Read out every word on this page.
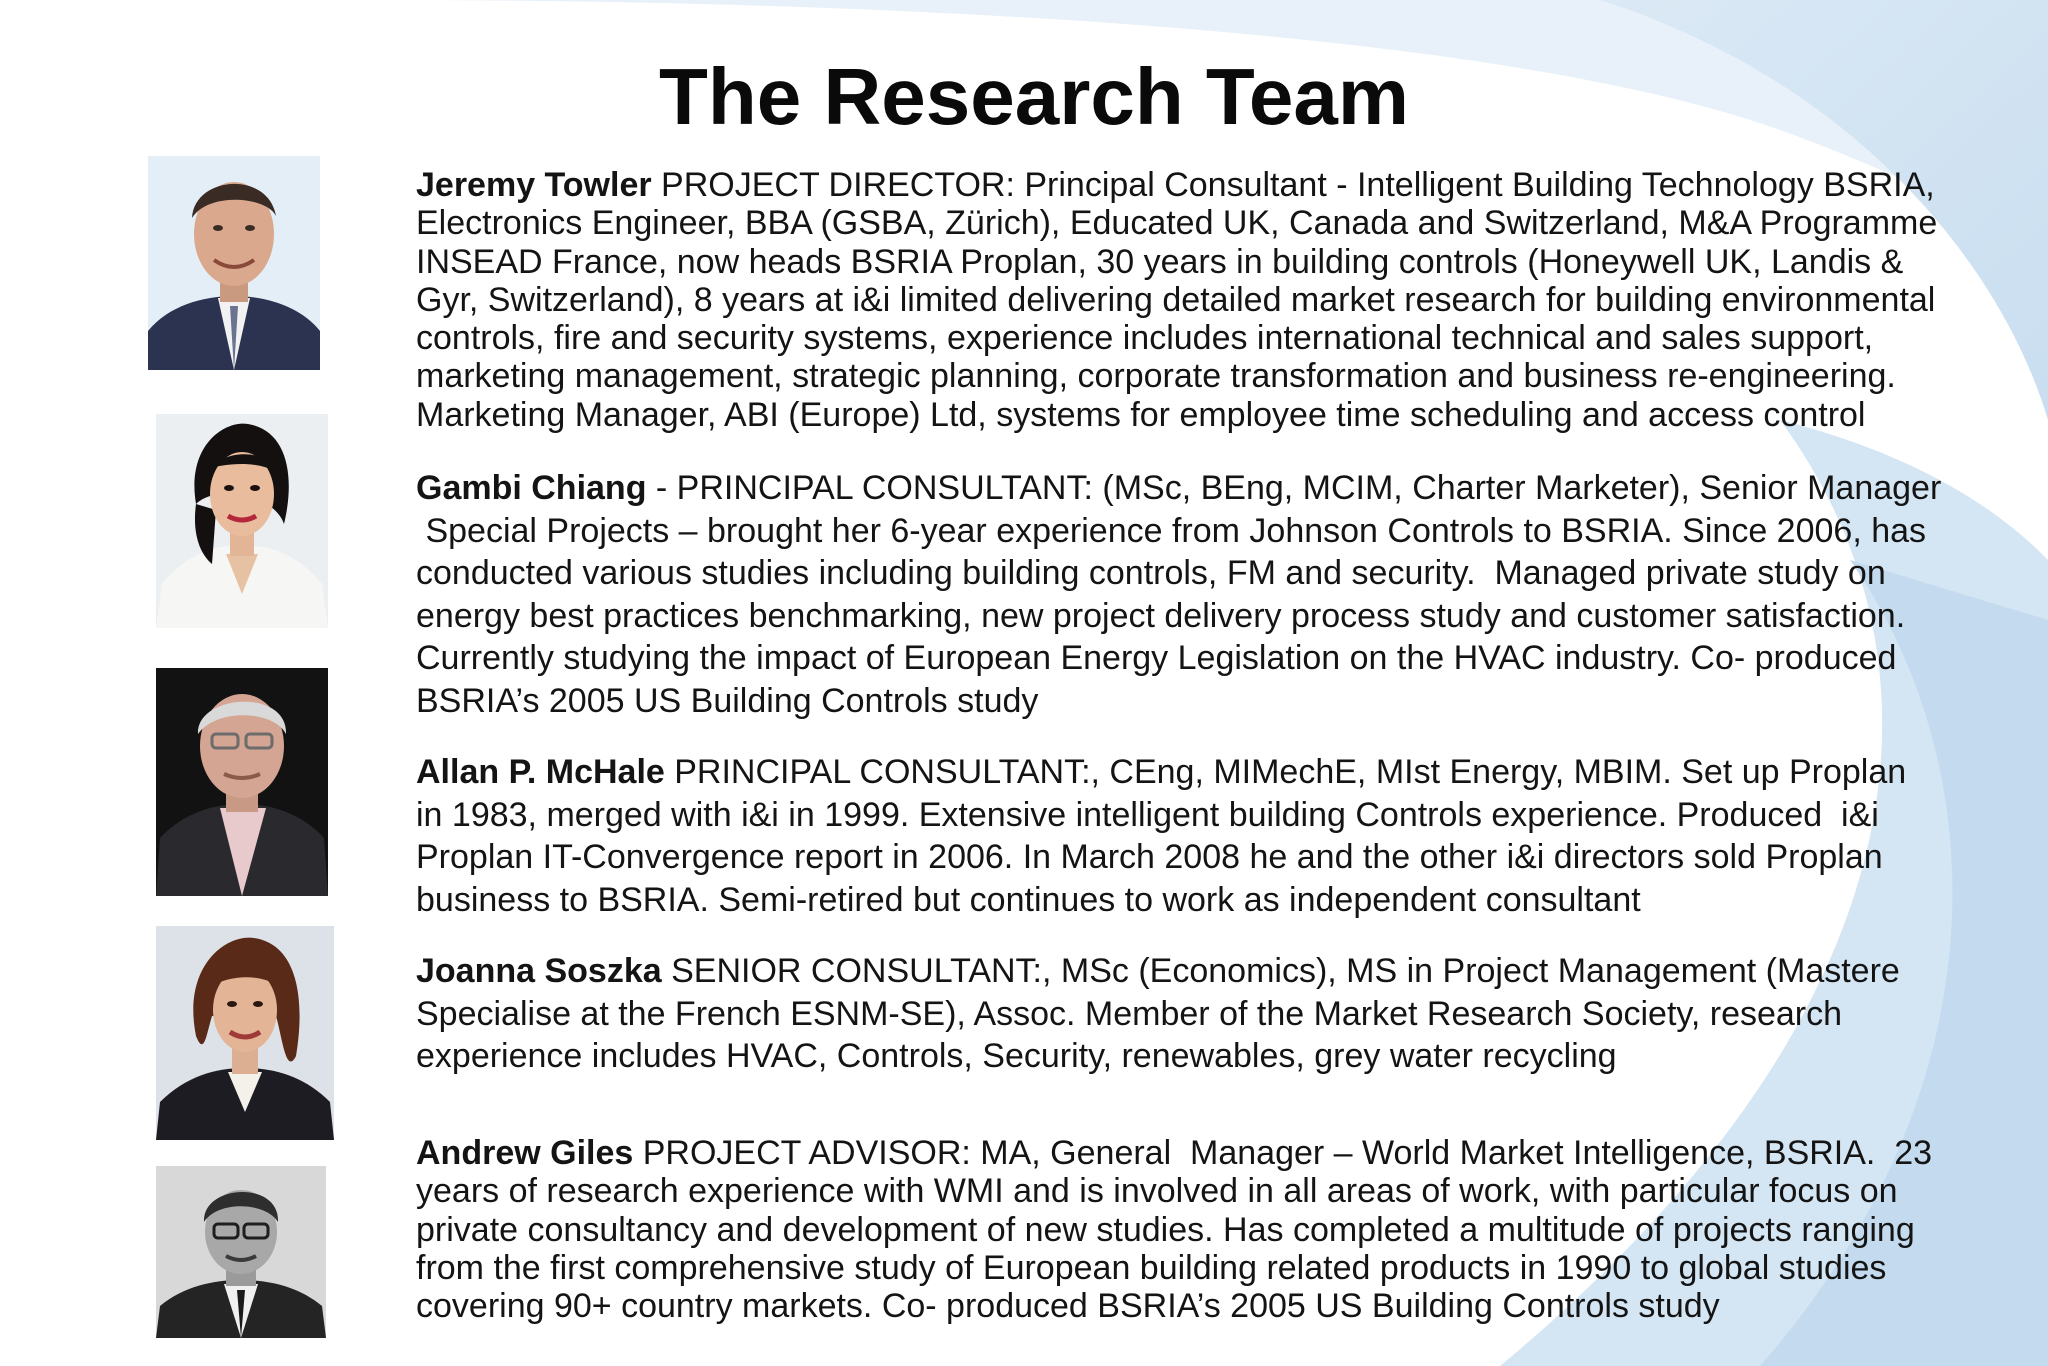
The Research Team
Jeremy Towler PROJECT DIRECTOR: Principal Consultant - Intelligent Building Technology BSRIA,
Electronics Engineer, BBA (GSBA, Zürich), Educated UK, Canada and Switzerland, M&A Programme
INSEAD France, now heads BSRIA Proplan, 30 years in building controls (Honeywell UK, Landis &
Gyr, Switzerland), 8 years at i&i limited delivering detailed market research for building environmental
controls, fire and security systems, experience includes international technical and sales support,
marketing management, strategic planning, corporate transformation and business re-engineering.
Marketing Manager, ABI (Europe) Ltd, systems for employee time scheduling and access control
Gambi Chiang - PRINCIPAL CONSULTANT: (MSc, BEng, MCIM, Charter Marketer), Senior Manager
Special Projects – brought her 6-year experience from Johnson Controls to BSRIA. Since 2006, has
conducted various studies including building controls, FM and security.  Managed private study on
energy best practices benchmarking, new project delivery process study and customer satisfaction.
Currently studying the impact of European Energy Legislation on the HVAC industry. Co- produced
BSRIA’s 2005 US Building Controls study
Allan P. McHale PRINCIPAL CONSULTANT:, CEng, MIMechE, MIst Energy, MBIM. Set up Proplan
in 1983, merged with i&i in 1999. Extensive intelligent building Controls experience. Produced  i&i
Proplan IT-Convergence report in 2006. In March 2008 he and the other i&i directors sold Proplan
business to BSRIA. Semi-retired but continues to work as independent consultant
Joanna Soszka SENIOR CONSULTANT:, MSc (Economics), MS in Project Management (Mastere
Specialise at the French ESNM-SE), Assoc. Member of the Market Research Society, research
experience includes HVAC, Controls, Security, renewables, grey water recycling
Andrew Giles PROJECT ADVISOR: MA, General  Manager – World Market Intelligence, BSRIA.  23
years of research experience with WMI and is involved in all areas of work, with particular focus on
private consultancy and development of new studies. Has completed a multitude of projects ranging
from the first comprehensive study of European building related products in 1990 to global studies
covering 90+ country markets. Co- produced BSRIA’s 2005 US Building Controls study
